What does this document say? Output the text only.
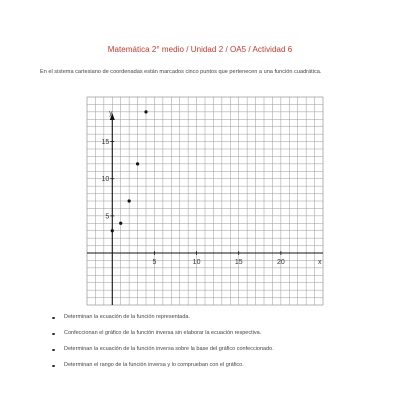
Matemática 2° medio / Unidad 2 / OA5 / Actividad 6
En el sistema cartesiano de coordenadas están marcados cinco puntos que pertenecen a una función cuadrática.
x
y
5	10	15	20
5
10
15
Determinan la ecuación de la función representada.
Confeccionan el gráfico de la función inversa sin elaborar la ecuación respectiva.
Determinan la ecuación de la función inversa sobre la base del gráfico confeccionado.
Determinan el rango de la función inversa y lo comprueban con el gráfico.
